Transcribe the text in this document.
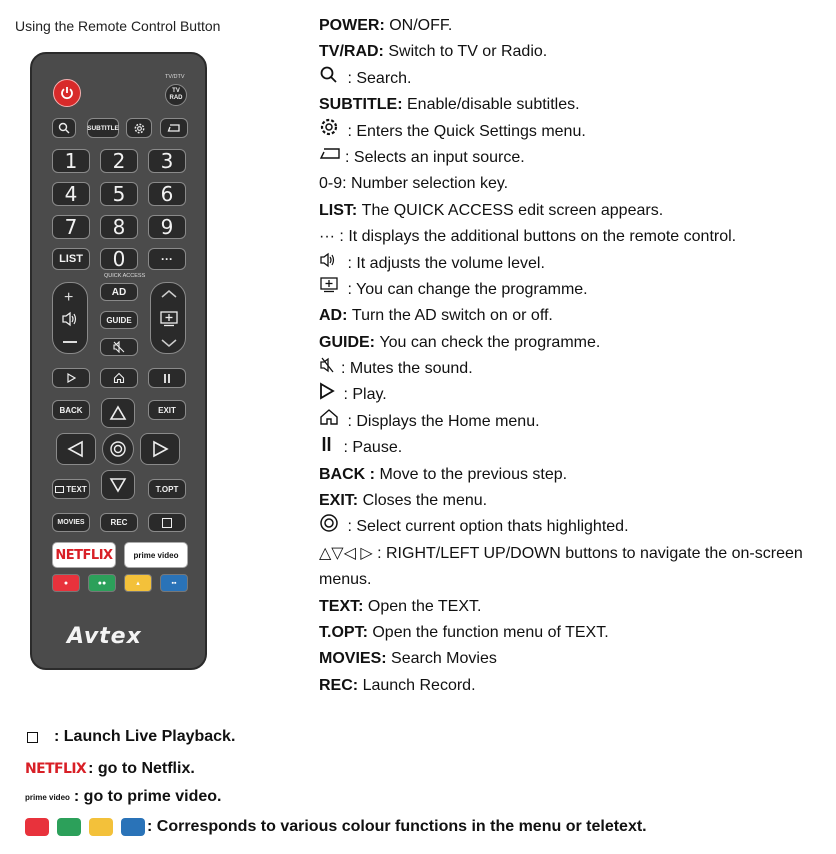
Using the Remote Control Button
TV/DTV
TV RAD
SUBTITLE
1	2	3
4	5	6
7	8	9
LIST	0	···
QUICK ACCESS
+	AD
GUIDE
BACK	EXIT
TEXT	T.OPT
MOVIES	REC
NETFLIX	prime video
●	●●	▴	▪▪
Avtex
POWER: ON/OFF.
TV/RAD: Switch to TV or Radio.
: Search.
SUBTITLE: Enable/disable subtitles.
: Enters the Quick Settings menu.
: Selects an input source.
0-9: Number selection key.
LIST: The QUICK ACCESS edit screen appears.
··· : It displays the additional buttons on the remote control.
: It adjusts the volume level.
: You can change the programme.
AD: Turn the AD switch on or off.
GUIDE: You can check the programme.
: Mutes the sound.
: Play.
: Displays the Home menu.
: Pause.
BACK : Move to the previous step.
EXIT: Closes the menu.
: Select current option thats highlighted.
△▽◁ ▷ : RIGHT/LEFT UP/DOWN buttons to navigate the on-screen menus.
TEXT: Open the TEXT.
T.OPT: Open the function menu of TEXT.
MOVIES: Search Movies
REC: Launch Record.
: Launch Live Playback.
NETFLIX : go to Netflix.
prime video : go to prime video.
: Corresponds to various colour functions in the menu or teletext.
